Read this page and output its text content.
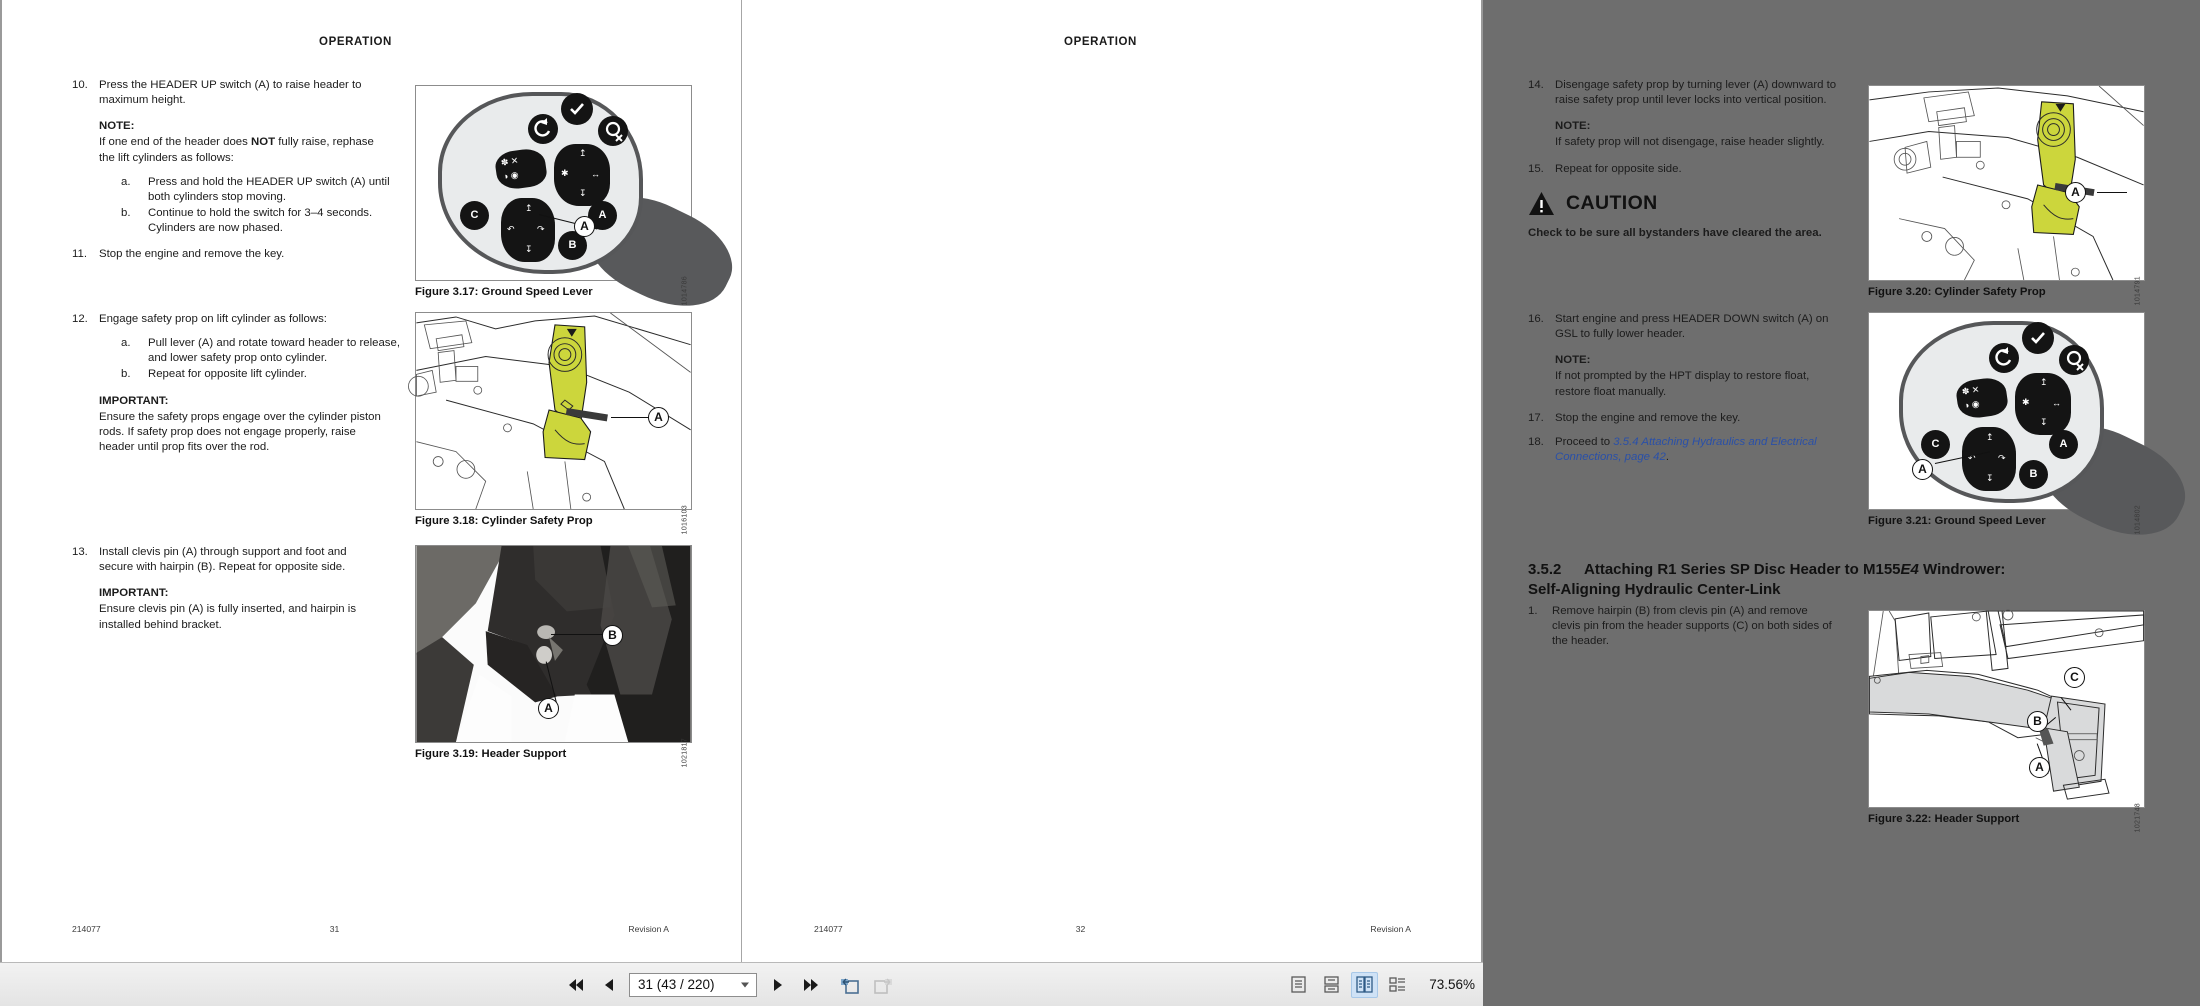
OPERATION
10. Press the HEADER UP switch (A) to raise header to
maximum height.
NOTE:
If one end of the header does NOT fully raise, rephase
the lift cylinders as follows:
a. Press and hold the HEADER UP switch (A) until
both cylinders stop moving.
b. Continue to hold the switch for 3–4 seconds.
Cylinders are now phased.
11.	Stop the engine and remove the key.
12. Engage safety prop on lift cylinder as follows:
a. Pull lever (A) and rotate toward header to release,
and lower safety prop onto cylinder.
b. Repeat for opposite lift cylinder.
IMPORTANT:
Ensure the safety props engage over the cylinder piston
rods. If safety prop does not engage properly, raise
header until prop fits over the rod.
13. Install clevis pin (A) through support and foot and
secure with hairpin (B). Repeat for opposite side.
IMPORTANT:
Ensure clevis pin (A) is fully inserted, and hairpin is
installed behind bracket.
✽ ✕
◑ ◉
↥
✱ ↔
↧
C
↥
↶ ↷
↧
A
B
A
1014786
Figure 3.17: Ground Speed Lever
A
1016103
Figure 3.18: Cylinder Safety Prop
B
A
1021817
Figure 3.19: Header Support
214077	31	Revision A
OPERATION
14. Disengage safety prop by turning lever (A) downward to
raise safety prop until lever locks into vertical position.
NOTE:
If safety prop will not disengage, raise header slightly.
15. Repeat for opposite side.
CAUTION
Check to be sure all bystanders have cleared the area.
16. Start engine and press HEADER DOWN switch (A) on
GSL to fully lower header.
NOTE:
If not prompted by the HPT display to restore float,
restore float manually.
17. Stop the engine and remove the key.
18. Proceed to 3.5.4 Attaching Hydraulics and Electrical
Connections, page 42.
3.5.2 Attaching R1 Series SP Disc Header to M155E4 Windrower:
Self-Aligning Hydraulic Center-Link
1.	Remove hairpin (B) from clevis pin (A) and remove
clevis pin from the header supports (C) on both sides of
the header.
A
1014791
Figure 3.20: Cylinder Safety Prop
✽ ✕
◑ ◉
↥
✱ ↔
↧
C
↥
↶ ↷
↧
A
B
A
1014802
Figure 3.21: Ground Speed Lever
C
B
A
1021748
Figure 3.22: Header Support
214077	32	Revision A
31 (43 / 220)	73.56%
